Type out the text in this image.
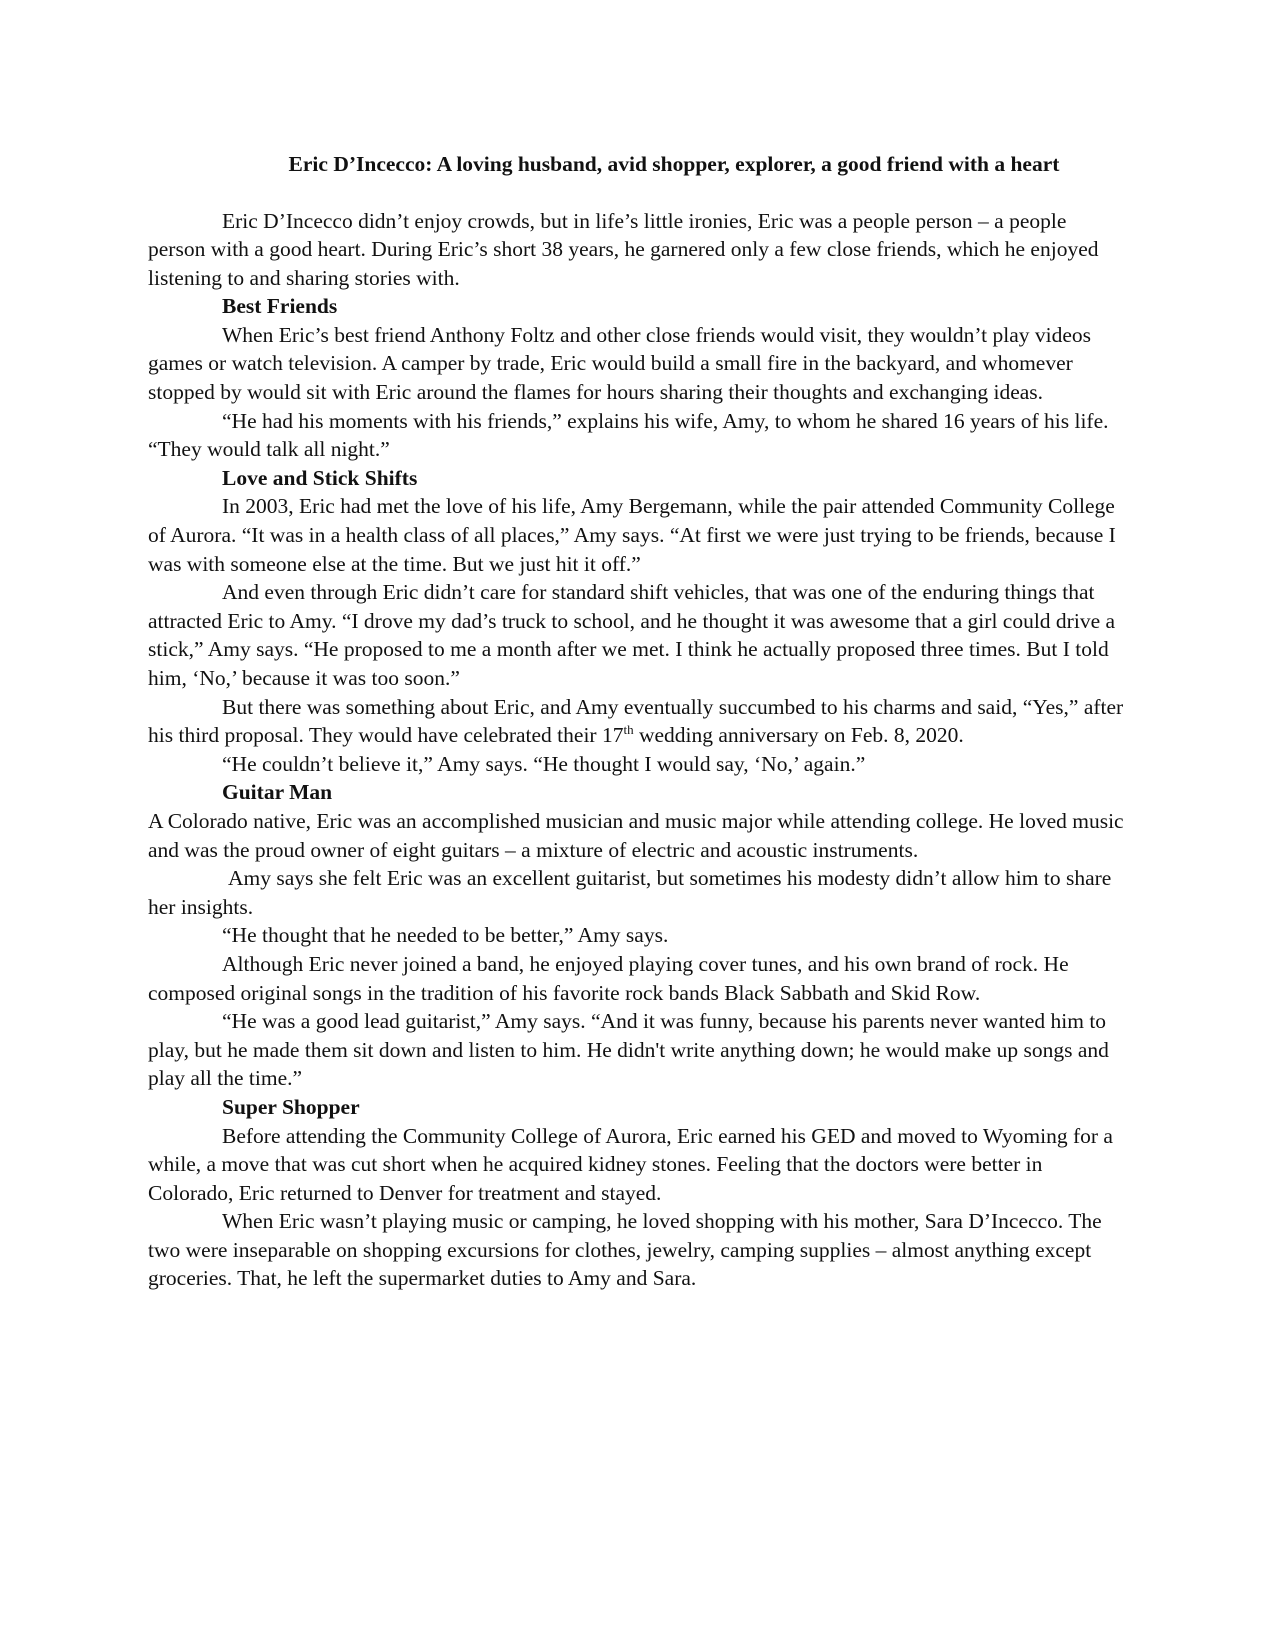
Eric D’Incecco: A loving husband, avid shopper, explorer, a good friend with a heart

Eric D’Incecco didn’t enjoy crowds, but in life’s little ironies, Eric was a people person – a people person with a good heart. During Eric’s short 38 years, he garnered only a few close friends, which he enjoyed listening to and sharing stories with.

Best Friends

When Eric’s best friend Anthony Foltz and other close friends would visit, they wouldn’t play videos games or watch television. A camper by trade, Eric would build a small fire in the backyard, and whomever stopped by would sit with Eric around the flames for hours sharing their thoughts and exchanging ideas.

“He had his moments with his friends,” explains his wife, Amy, to whom he shared 16 years of his life. “They would talk all night.”

Love and Stick Shifts

In 2003, Eric had met the love of his life, Amy Bergemann, while the pair attended Community College of Aurora. “It was in a health class of all places,” Amy says. “At first we were just trying to be friends, because I was with someone else at the time. But we just hit it off.”

And even through Eric didn’t care for standard shift vehicles, that was one of the enduring things that attracted Eric to Amy. “I drove my dad’s truck to school, and he thought it was awesome that a girl could drive a stick,” Amy says. “He proposed to me a month after we met. I think he actually proposed three times. But I told him, ‘No,’ because it was too soon.”

But there was something about Eric, and Amy eventually succumbed to his charms and said, “Yes,” after his third proposal. They would have celebrated their 17th wedding anniversary on Feb. 8, 2020.

“He couldn’t believe it,” Amy says. “He thought I would say, ‘No,’ again.”

Guitar Man

A Colorado native, Eric was an accomplished musician and music major while attending college. He loved music and was the proud owner of eight guitars – a mixture of electric and acoustic instruments.

Amy says she felt Eric was an excellent guitarist, but sometimes his modesty didn’t allow him to share her insights.

“He thought that he needed to be better,” Amy says.

Although Eric never joined a band, he enjoyed playing cover tunes, and his own brand of rock. He composed original songs in the tradition of his favorite rock bands Black Sabbath and Skid Row.

“He was a good lead guitarist,” Amy says. “And it was funny, because his parents never wanted him to play, but he made them sit down and listen to him. He didn't write anything down; he would make up songs and play all the time.”

Super Shopper

Before attending the Community College of Aurora, Eric earned his GED and moved to Wyoming for a while, a move that was cut short when he acquired kidney stones. Feeling that the doctors were better in Colorado, Eric returned to Denver for treatment and stayed.

When Eric wasn’t playing music or camping, he loved shopping with his mother, Sara D’Incecco. The two were inseparable on shopping excursions for clothes, jewelry, camping supplies – almost anything except groceries. That, he left the supermarket duties to Amy and Sara.
